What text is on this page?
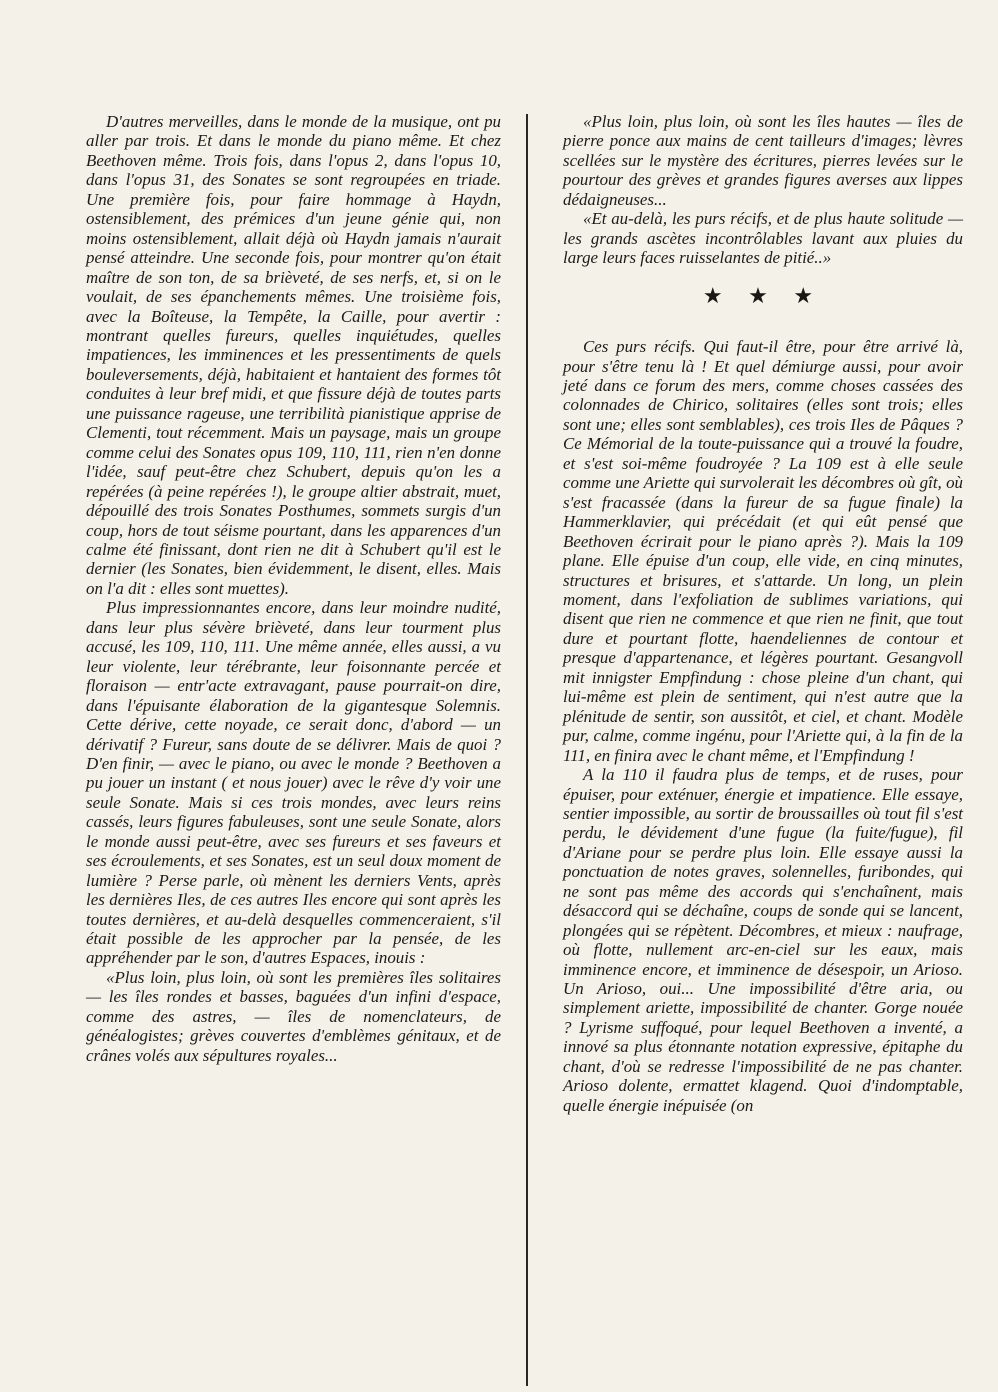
D'autres merveilles, dans le monde de la musique, ont pu aller par trois. Et dans le monde du piano même. Et chez Beethoven même. Trois fois, dans l'opus 2, dans l'opus 10, dans l'opus 31, des Sonates se sont regroupées en triade. Une première fois, pour faire hommage à Haydn, ostensiblement, des prémices d'un jeune génie qui, non moins ostensiblement, allait déjà où Haydn jamais n'aurait pensé atteindre. Une seconde fois, pour montrer qu'on était maître de son ton, de sa brièveté, de ses nerfs, et, si on le voulait, de ses épanchements mêmes. Une troisième fois, avec la Boîteuse, la Tempête, la Caille, pour avertir : montrant quelles fureurs, quelles inquiétudes, quelles impatiences, les imminences et les pressentiments de quels bouleversements, déjà, habitaient et hantaient des formes tôt conduites à leur bref midi, et que fissure déjà de toutes parts une puissance rageuse, une terribilità pianistique apprise de Clementi, tout récemment. Mais un paysage, mais un groupe comme celui des Sonates opus 109, 110, 111, rien n'en donne l'idée, sauf peut-être chez Schubert, depuis qu'on les a repérées (à peine repérées !), le groupe altier abstrait, muet, dépouillé des trois Sonates Posthumes, sommets surgis d'un coup, hors de tout séisme pourtant, dans les apparences d'un calme été finissant, dont rien ne dit à Schubert qu'il est le dernier (les Sonates, bien évidemment, le disent, elles. Mais on l'a dit : elles sont muettes).

Plus impressionnantes encore, dans leur moindre nudité, dans leur plus sévère brièveté, dans leur tourment plus accusé, les 109, 110, 111. Une même année, elles aussi, a vu leur violente, leur térébrante, leur foisonnante percée et floraison — entr'acte extravagant, pause pourrait-on dire, dans l'épuisante élaboration de la gigantesque Solemnis. Cette dérive, cette noyade, ce serait donc, d'abord — un dérivatif ? Fureur, sans doute de se délivrer. Mais de quoi ? D'en finir, — avec le piano, ou avec le monde ? Beethoven a pu jouer un instant ( et nous jouer) avec le rêve d'y voir une seule Sonate. Mais si ces trois mondes, avec leurs reins cassés, leurs figures fabuleuses, sont une seule Sonate, alors le monde aussi peut-être, avec ses fureurs et ses faveurs et ses écroulements, et ses Sonates, est un seul doux moment de lumière ? Perse parle, où mènent les derniers Vents, après les dernières Iles, de ces autres Iles encore qui sont après les toutes dernières, et au-delà desquelles commenceraient, s'il était possible de les approcher par la pensée, de les appréhender par le son, d'autres Espaces, inouis :

«Plus loin, plus loin, où sont les premières îles solitaires — les îles rondes et basses, baguées d'un infini d'espace, comme des astres, — îles de nomenclateurs, de généalogistes; grèves couvertes d'emblèmes génitaux, et de crânes volés aux sépultures royales...

«Plus loin, plus loin, où sont les îles hautes — îles de pierre ponce aux mains de cent tailleurs d'images; lèvres scellées sur le mystère des écritures, pierres levées sur le pourtour des grèves et grandes figures averses aux lippes dédaigneuses...

«Et au-delà, les purs récifs, et de plus haute solitude — les grands ascètes incontrôlables lavant aux pluies du large leurs faces ruisselantes de pitié..»

★ ★ ★

Ces purs récifs. Qui faut-il être, pour être arrivé là, pour s'être tenu là ! Et quel démiurge aussi, pour avoir jeté dans ce forum des mers, comme choses cassées des colonnades de Chirico, solitaires (elles sont trois; elles sont une; elles sont semblables), ces trois Iles de Pâques ? Ce Mémorial de la toute-puissance qui a trouvé la foudre, et s'est soi-même foudroyée ? La 109 est à elle seule comme une Ariette qui survolerait les décombres où gît, où s'est fracassée (dans la fureur de sa fugue finale) la Hammerklavier, qui précédait (et qui eût pensé que Beethoven écrirait pour le piano après ?). Mais la 109 plane. Elle épuise d'un coup, elle vide, en cinq minutes, structures et brisures, et s'attarde. Un long, un plein moment, dans l'exfoliation de sublimes variations, qui disent que rien ne commence et que rien ne finit, que tout dure et pourtant flotte, haendeliennes de contour et presque d'appartenance, et légères pourtant. Gesangvoll mit innigster Empfindung : chose pleine d'un chant, qui lui-même est plein de sentiment, qui n'est autre que la plénitude de sentir, son aussitôt, et ciel, et chant. Modèle pur, calme, comme ingénu, pour l'Ariette qui, à la fin de la 111, en finira avec le chant même, et l'Empfindung !

A la 110 il faudra plus de temps, et de ruses, pour épuiser, pour exténuer, énergie et impatience. Elle essaye, sentier impossible, au sortir de broussailles où tout fil s'est perdu, le dévidement d'une fugue (la fuite/fugue), fil d'Ariane pour se perdre plus loin. Elle essaye aussi la ponctuation de notes graves, solennelles, furibondes, qui ne sont pas même des accords qui s'enchaînent, mais désaccord qui se déchaîne, coups de sonde qui se lancent, plongées qui se répètent. Décombres, et mieux : naufrage, où flotte, nullement arc-en-ciel sur les eaux, mais imminence encore, et imminence de désespoir, un Arioso. Un Arioso, oui... Une impossibilité d'être aria, ou simplement ariette, impossibilité de chanter. Gorge nouée ? Lyrisme suffoqué, pour lequel Beethoven a inventé, a innové sa plus étonnante notation expressive, épitaphe du chant, d'où se redresse l'impossibilité de ne pas chanter. Arioso dolente, ermattet klagend. Quoi d'indomptable, quelle énergie inépuisée (on
